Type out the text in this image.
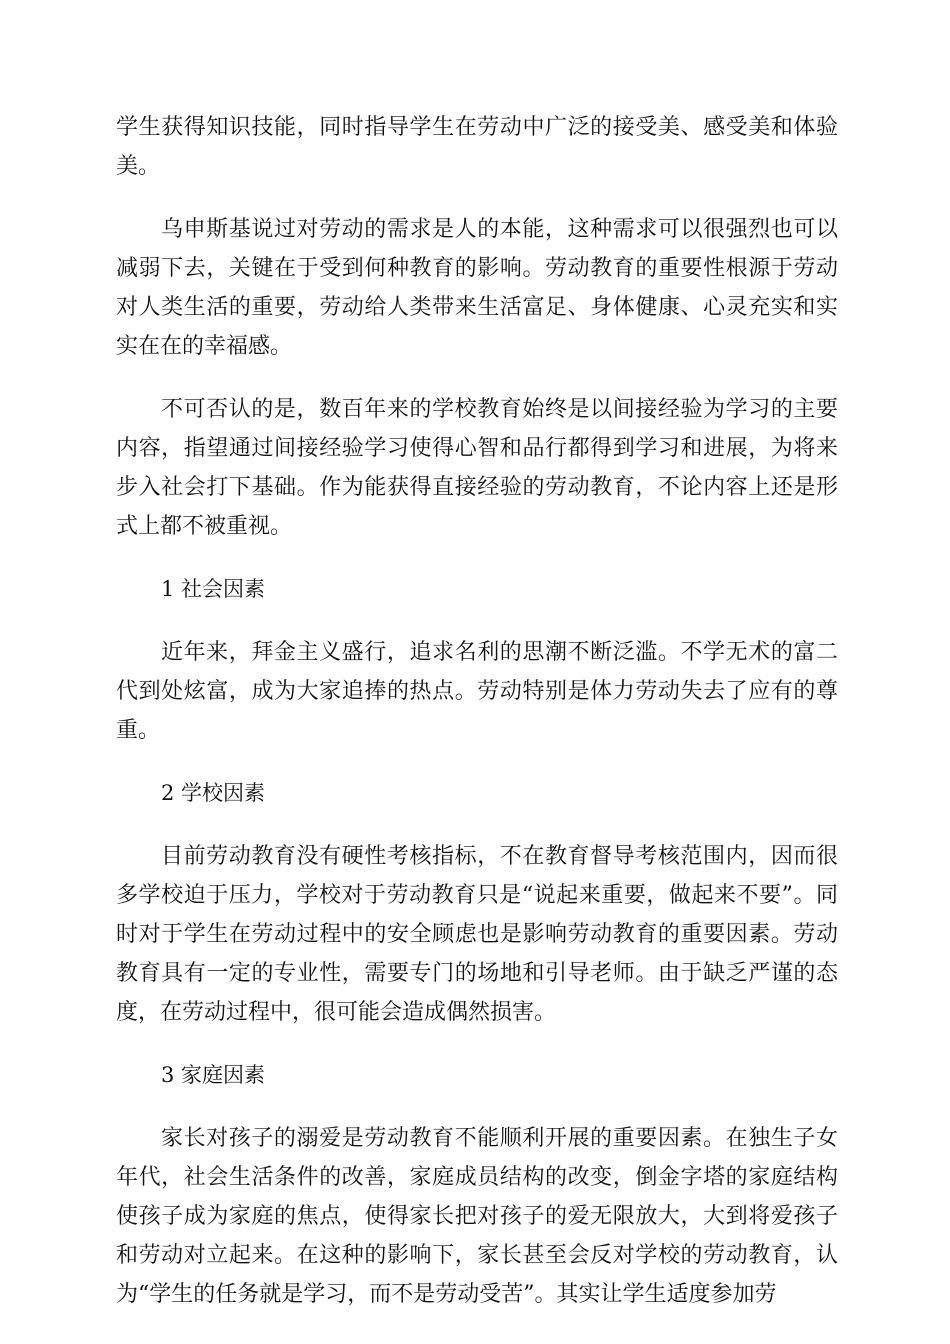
学生获得知识技能，同时指导学生在劳动中广泛的接受美、感受美和体验美。

乌申斯基说过对劳动的需求是人的本能，这种需求可以很强烈也可以减弱下去，关键在于受到何种教育的影响。劳动教育的重要性根源于劳动对人类生活的重要，劳动给人类带来生活富足、身体健康、心灵充实和实实在在的幸福感。

不可否认的是，数百年来的学校教育始终是以间接经验为学习的主要内容，指望通过间接经验学习使得心智和品行都得到学习和进展，为将来步入社会打下基础。作为能获得直接经验的劳动教育，不论内容上还是形式上都不被重视。

1 社会因素

近年来，拜金主义盛行，追求名利的思潮不断泛滥。不学无术的富二代到处炫富，成为大家追捧的热点。劳动特别是体力劳动失去了应有的尊重。

2 学校因素

目前劳动教育没有硬性考核指标，不在教育督导考核范围内，因而很多学校迫于压力，学校对于劳动教育只是“说起来重要，做起来不要”。同时对于学生在劳动过程中的安全顾虑也是影响劳动教育的重要因素。劳动教育具有一定的专业性，需要专门的场地和引导老师。由于缺乏严谨的态度，在劳动过程中，很可能会造成偶然损害。

3 家庭因素

家长对孩子的溺爱是劳动教育不能顺利开展的重要因素。在独生子女年代，社会生活条件的改善，家庭成员结构的改变，倒金字塔的家庭结构使孩子成为家庭的焦点，使得家长把对孩子的爱无限放大，大到将爱孩子和劳动对立起来。在这种的影响下，家长甚至会反对学校的劳动教育，认为“学生的任务就是学习，而不是劳动受苦”。其实让学生适度参加劳
